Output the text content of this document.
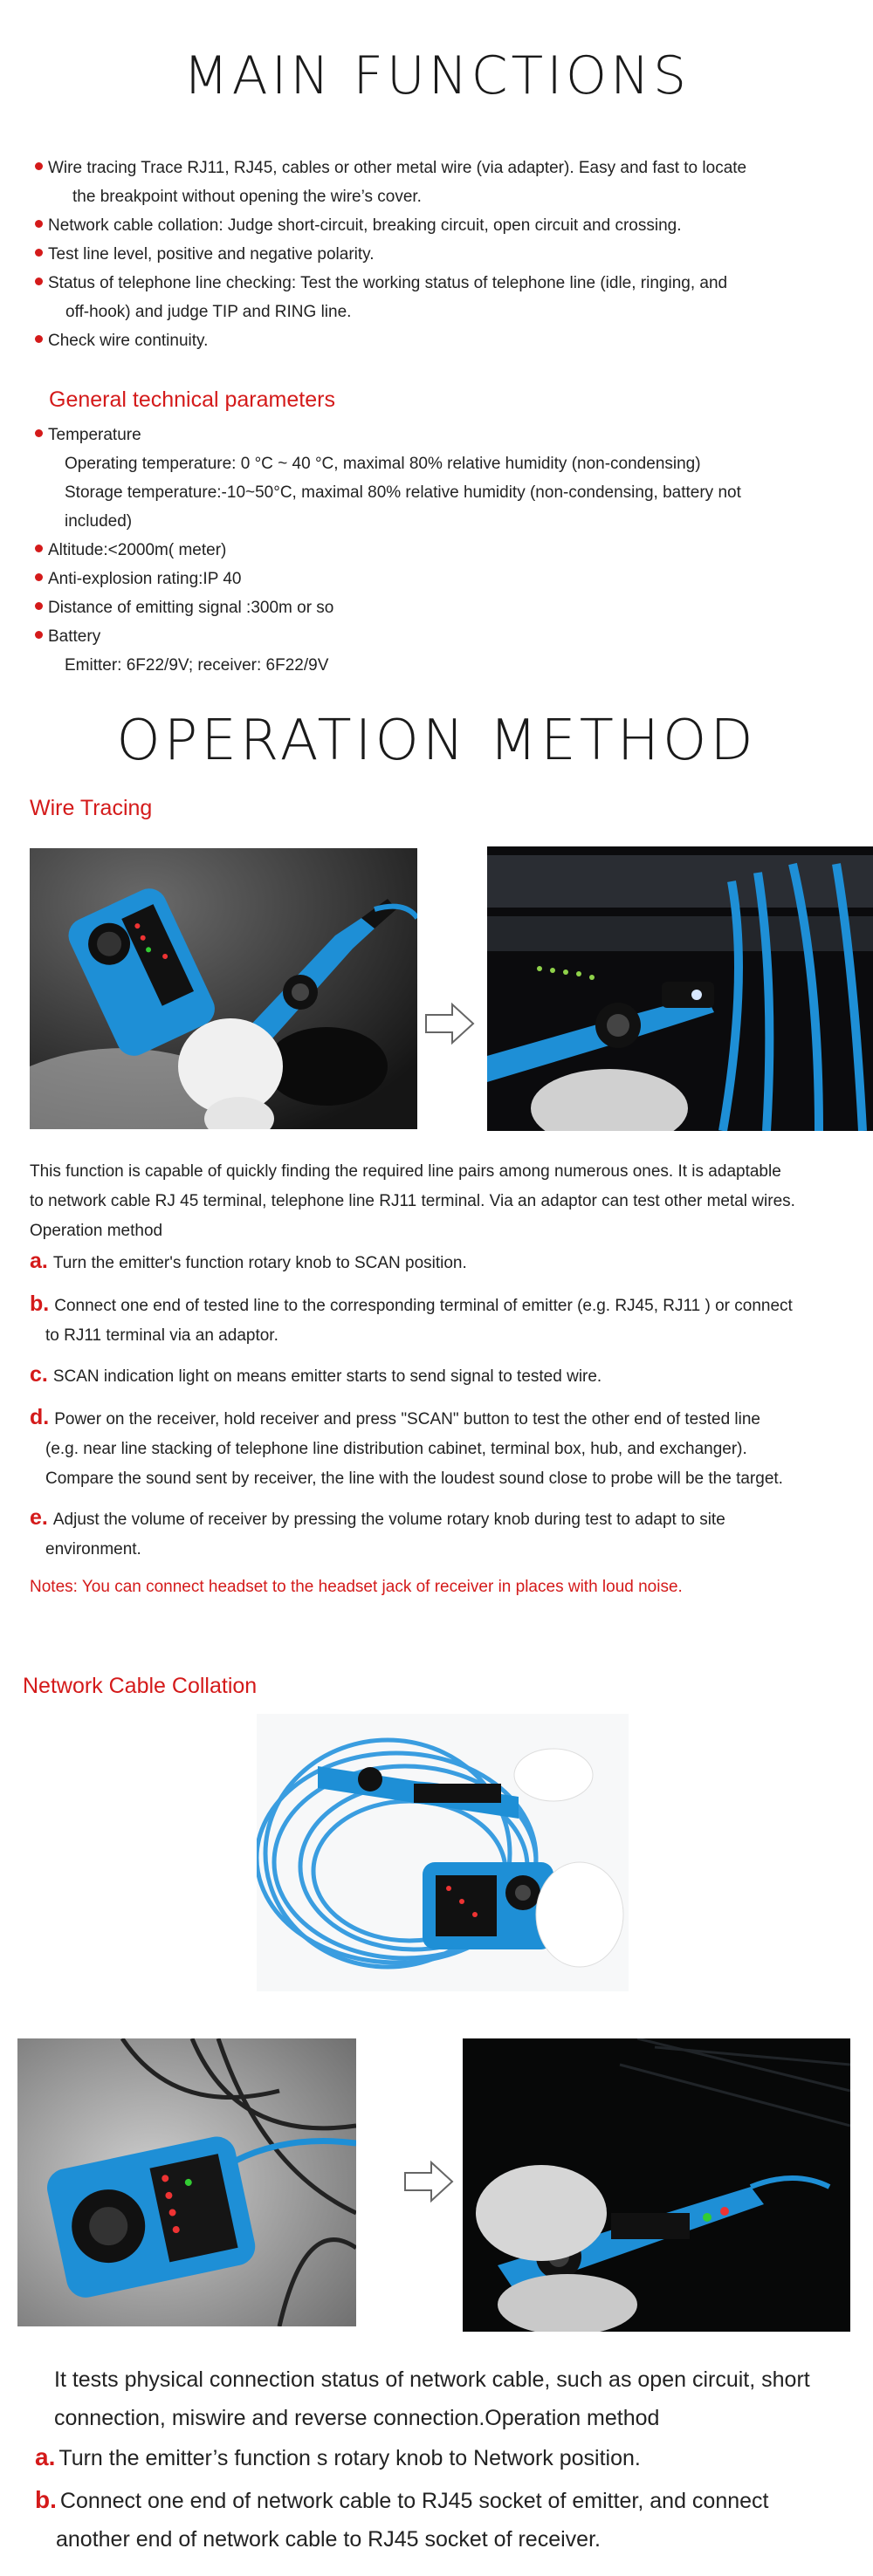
MAIN FUNCTIONS
Wire tracing Trace RJ11, RJ45, cables or other metal wire (via adapter). Easy and fast to locate
the breakpoint without opening the wire’s cover.
Network cable collation: Judge short-circuit, breaking circuit, open circuit and crossing.
Test line level, positive and negative polarity.
Status of telephone line checking: Test the working status of telephone line (idle, ringing, and
off-hook) and judge TIP and RING line.
Check wire continuity.
General technical parameters
Temperature
Operating temperature: 0 °C ~ 40 °C, maximal 80% relative humidity (non-condensing)
Storage temperature:-10~50°C, maximal 80% relative humidity (non-condensing, battery not
included)
Altitude:<2000m( meter)
Anti-explosion rating:IP 40
Distance of emitting signal :300m or so
Battery
Emitter: 6F22/9V; receiver: 6F22/9V
OPERATION METHOD
Wire Tracing
This function is capable of quickly finding the required line pairs among numerous ones. It is adaptable
to network cable RJ 45 terminal, telephone line RJ11 terminal. Via an adaptor can test other metal wires.
Operation method
a. Turn the emitter's function rotary knob to SCAN position.
b. Connect one end of tested line to the corresponding terminal of emitter (e.g. RJ45, RJ11 ) or connect
to RJ11 terminal via an adaptor.
c. SCAN indication light on means emitter starts to send signal to tested wire.
d. Power on the receiver, hold receiver and press "SCAN" button to test the other end of tested line
(e.g. near line stacking of telephone line distribution cabinet, terminal box, hub, and exchanger).
Compare the sound sent by receiver, the line with the loudest sound close to probe will be the target.
e. Adjust the volume of receiver by pressing the volume rotary knob during test to adapt to site
environment.
Notes: You can connect headset to the headset jack of receiver in places with loud noise.
Network Cable Collation
It tests physical connection status of network cable, such as open circuit, short
connection, miswire and reverse connection.Operation method
a. Turn the emitter’s function s rotary knob to Network position.
b. Connect one end of network cable to RJ45 socket of emitter, and connect
another end of network cable to RJ45 socket of receiver.
